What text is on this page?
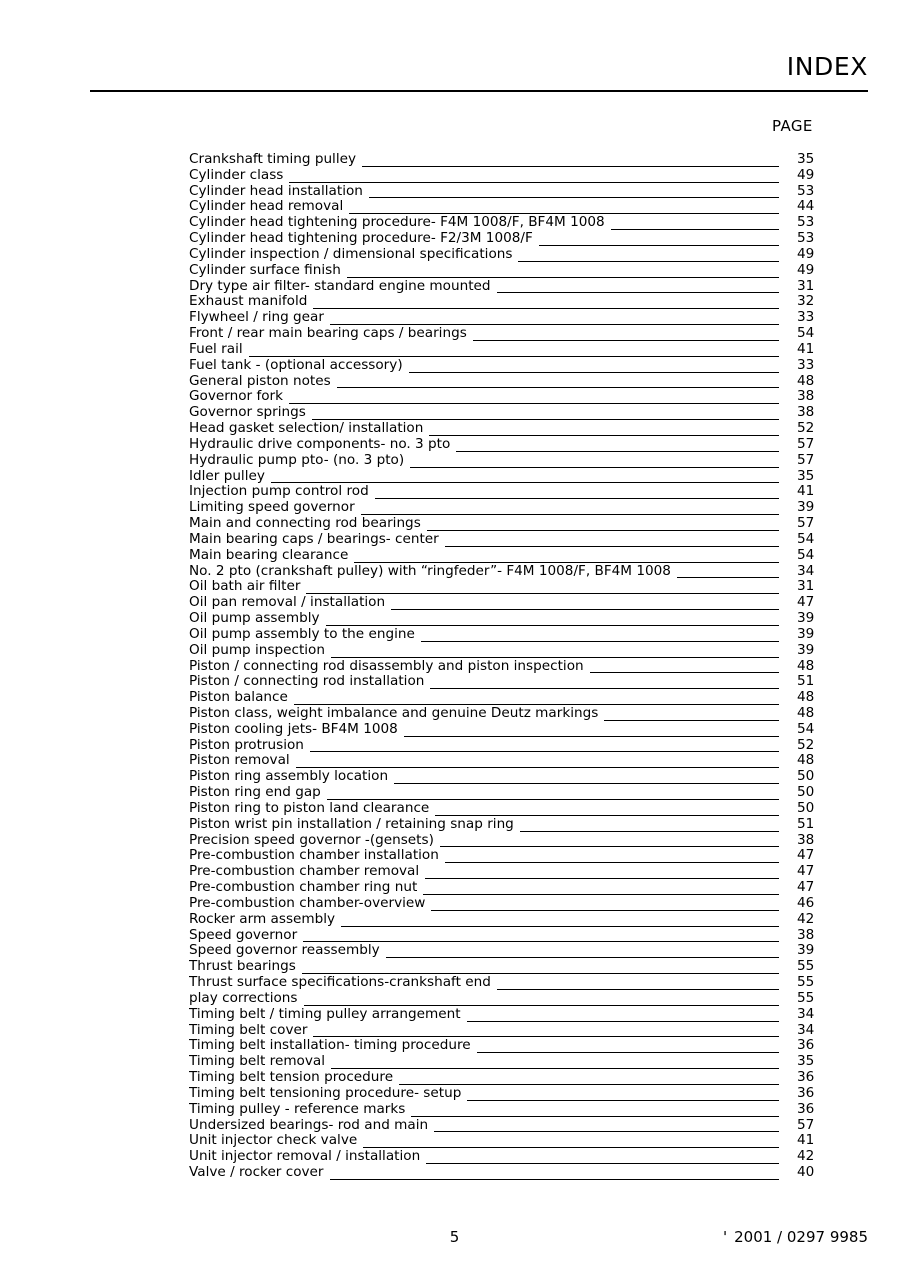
INDEX
PAGE
Crankshaft timing pulley	35
Cylinder class	49
Cylinder head installation	53
Cylinder head removal	44
Cylinder head tightening procedure- F4M 1008/F, BF4M 1008	53
Cylinder head tightening procedure- F2/3M 1008/F	53
Cylinder inspection / dimensional specifications	49
Cylinder surface finish	49
Dry type air filter- standard engine mounted	31
Exhaust manifold	32
Flywheel / ring gear	33
Front / rear main bearing caps / bearings	54
Fuel rail	41
Fuel tank - (optional accessory)	33
General piston notes	48
Governor fork	38
Governor springs	38
Head gasket selection/ installation	52
Hydraulic drive components- no. 3 pto	57
Hydraulic pump pto- (no. 3 pto)	57
Idler pulley	35
Injection pump control rod	41
Limiting speed governor	39
Main and connecting rod bearings	57
Main bearing caps / bearings- center	54
Main bearing clearance	54
No. 2 pto (crankshaft pulley) with “ringfeder”- F4M 1008/F, BF4M 1008	34
Oil bath air filter	31
Oil pan removal / installation	47
Oil pump assembly	39
Oil pump assembly to the engine	39
Oil pump inspection	39
Piston / connecting rod disassembly and piston inspection	48
Piston / connecting rod installation	51
Piston balance	48
Piston class, weight imbalance and genuine Deutz markings	48
Piston cooling jets- BF4M 1008	54
Piston protrusion	52
Piston removal	48
Piston ring assembly location	50
Piston ring end gap	50
Piston ring to piston land clearance	50
Piston wrist pin installation / retaining snap ring	51
Precision speed governor -(gensets)	38
Pre-combustion chamber installation	47
Pre-combustion chamber removal	47
Pre-combustion chamber ring nut	47
Pre-combustion chamber-overview	46
Rocker arm assembly	42
Speed governor	38
Speed governor reassembly	39
Thrust bearings	55
Thrust surface specifications-crankshaft end	55
play corrections	55
Timing belt / timing pulley arrangement	34
Timing belt cover	34
Timing belt installation- timing procedure	36
Timing belt removal	35
Timing belt tension procedure	36
Timing belt tensioning procedure- setup	36
Timing pulley - reference marks	36
Undersized bearings- rod and main	57
Unit injector check valve	41
Unit injector removal / installation	42
Valve / rocker cover	40
5	' 2001 / 0297 9985
